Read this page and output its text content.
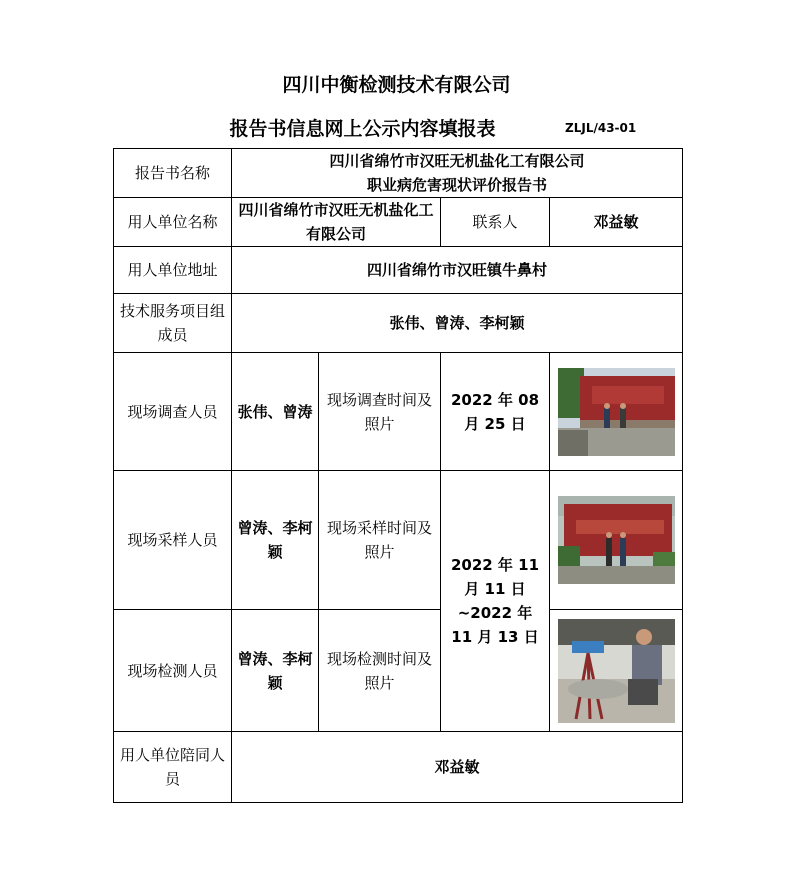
四川中衡检测技术有限公司
报告书信息网上公示内容填报表	ZLJL/43-01
报告书名称	四川省绵竹市汉旺无机盐化工有限公司
职业病危害现状评价报告书			

用人单位名称	四川省绵竹市汉旺无机盐化工有限公司		联系人	邓益敏
用人单位地址	四川省绵竹市汉旺镇牛鼻村			
技术服务项目组成员	张伟、曾涛、李柯颖			
现场调查人员	张伟、曾涛	现场调查时间及照片	2022 年 08 月 25 日	

现场采样人员	曾涛、李柯颖	现场采样时间及照片	2022 年 11 月 11 日~2022 年 11 月 13 日	

现场检测人员	曾涛、李柯颖	现场检测时间及照片	

用人单位陪同人员	邓益敏			
